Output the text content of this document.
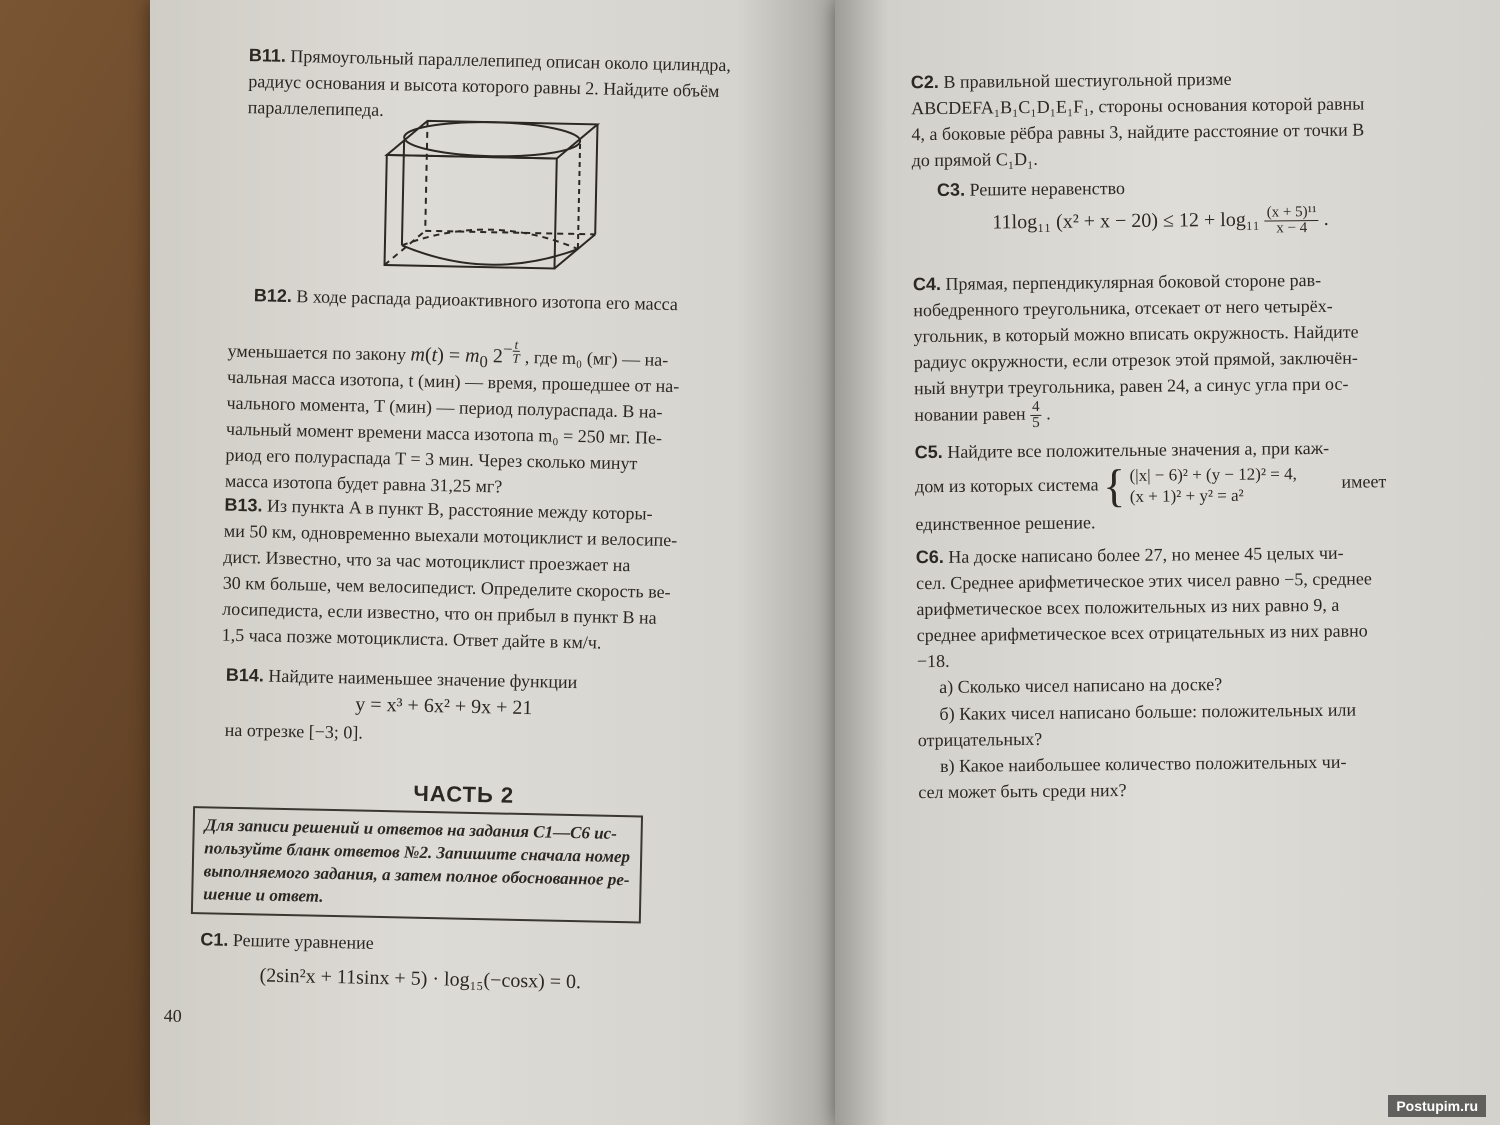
B11. Прямоугольный параллелепипед описан около цилиндра, радиус основания и высота которого равны 2. Найдите объём параллелепипеда.
B12. В ходе распада радиоактивного изотопа его масса
уменьшается по закону $m(t) = m_0$ $2^{- \frac{t}{T}}$ , где m₀ (мг) — на-
чальная масса изотопа, t (мин) — время, прошедшее от на-
чального момента, T (мин) — период полураспада. В на-
чальный момент времени масса изотопа m₀ = 250 мг. Пе-
риод его полураспада T = 3 мин. Через сколько минут
масса изотопа будет равна 31,25 мг?
B13. Из пункта A в пункт B, расстояние между которы-
ми 50 км, одновременно выехали мотоциклист и велосипе-
дист. Известно, что за час мотоциклист проезжает на
30 км больше, чем велосипедист. Определите скорость ве-
лосипедиста, если известно, что он прибыл в пункт B на
1,5 часа позже мотоциклиста. Ответ дайте в км/ч.
B14. Найдите наименьшее значение функции
y = x³ + 6x² + 9x + 21
на отрезке [−3; 0].
ЧАСТЬ 2
Для записи решений и ответов на задания С1—С6 ис-
пользуйте бланк ответов №2. Запишите сначала номер
выполняемого задания, а затем полное обоснованное ре-
шение и ответ.
C1. Решите уравнение
(2sin²x + 11sinx + 5) · log₁₅(−cosx) = 0.
40
C2. В правильной шестиугольной призме
ABCDEFA₁B₁C₁D₁E₁F₁, стороны основания которой равны
4, а боковые рёбра равны 3, найдите расстояние от точки B
до прямой C₁D₁.
C3. Решите неравенство
11log₁₁ $(x^2 + x - 20) \le 12 + \log_{11} \frac{\text{(x + 5)¹¹}}{x - 4}$ .
C4. Прямая, перпендикулярная боковой стороне рав-
нобедренного треугольника, отсекает от него четырёх-
угольник, в который можно вписать окружность. Найдите
радиус окружности, если отрезок этой прямой, заключён-
ный внутри треугольника, равен 24, а синус угла при ос-
новании равен $\frac{4}{5}$ .
C5. Найдите все положительные значения a, при каж-
дом из которых система { (|x| − 6)² + (y − 12)² = 4,
(x + 1)² + y² = a²
имеет
единственное решение.
C6. На доске написано более 27, но менее 45 целых чи-
сел. Среднее арифметическое этих чисел равно −5, среднее
арифметическое всех положительных из них равно 9, а
среднее арифметическое всех отрицательных из них равно
−18.
а) Сколько чисел написано на доске?
б) Каких чисел написано больше: положительных или
отрицательных?
в) Какое наибольшее количество положительных чи-
сел может быть среди них?
Postupim.ru
